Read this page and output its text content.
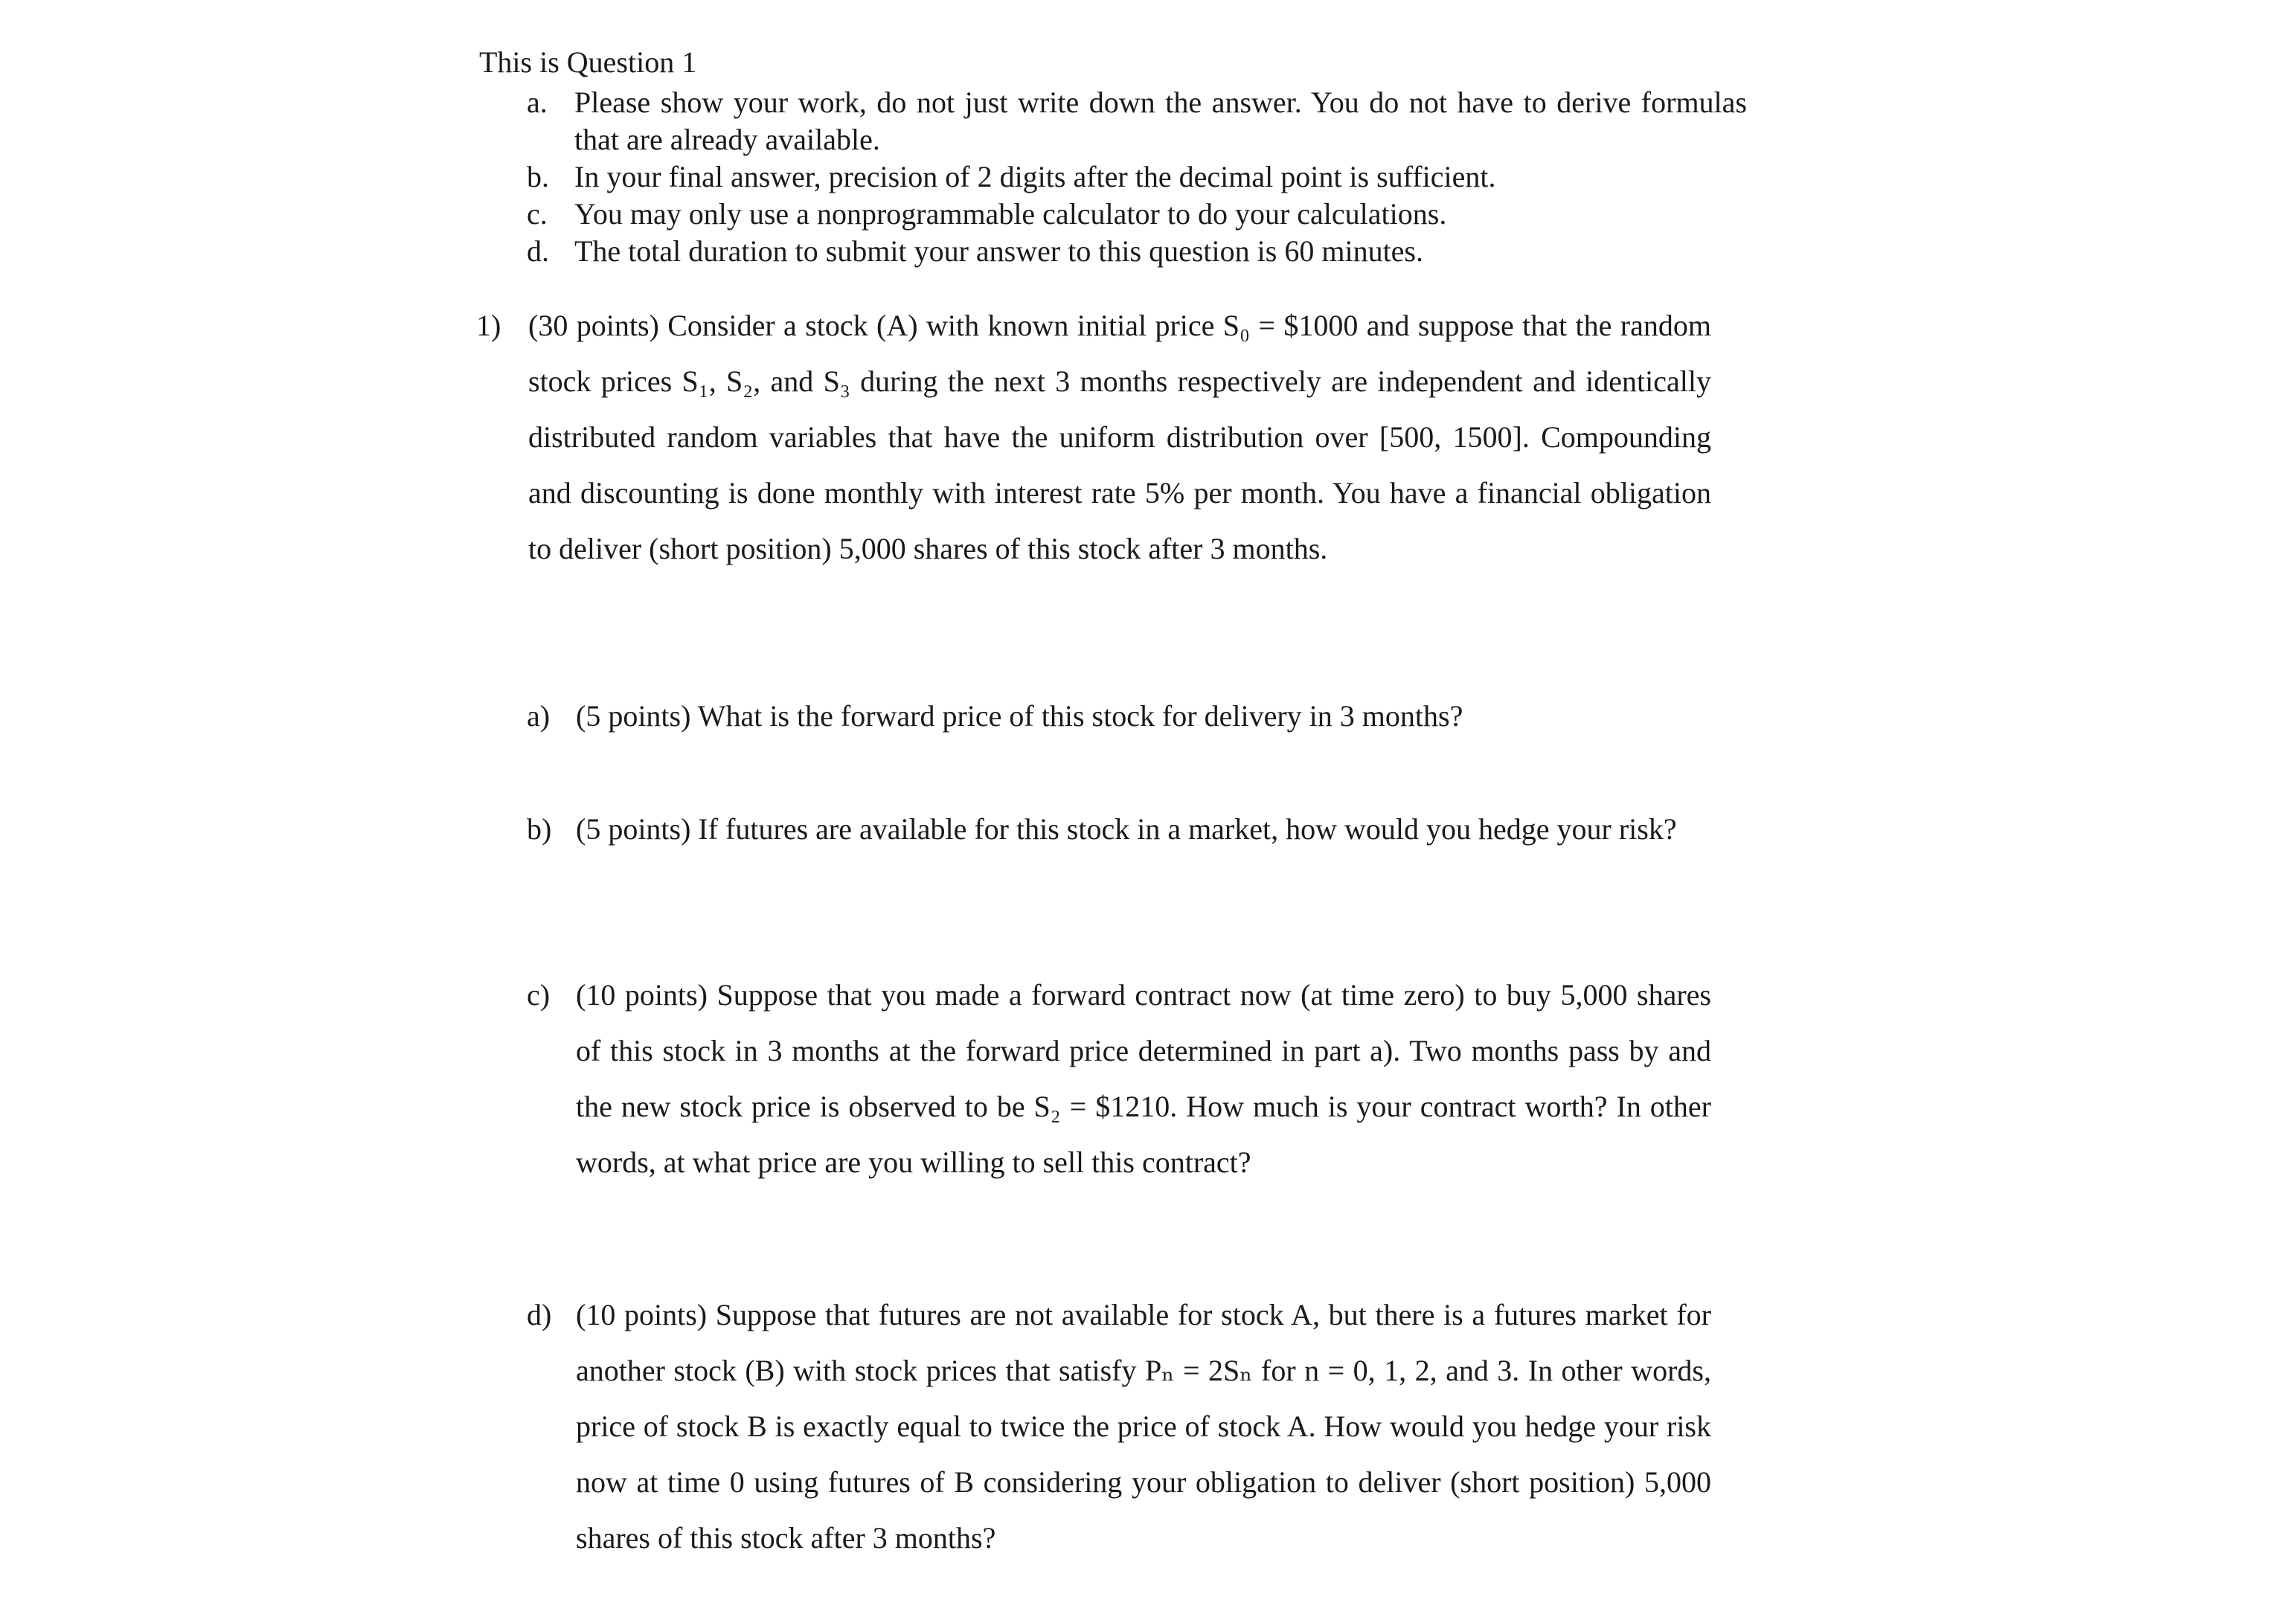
This is Question 1
a. Please show your work, do not just write down the answer. You do not have to derive formulas that are already available.
b. In your final answer, precision of 2 digits after the decimal point is sufficient.
c. You may only use a nonprogrammable calculator to do your calculations.
d. The total duration to submit your answer to this question is 60 minutes.
1) (30 points) Consider a stock (A) with known initial price S₀ = $1000 and suppose that the random stock prices S₁, S₂, and S₃ during the next 3 months respectively are independent and identically distributed random variables that have the uniform distribution over [500, 1500]. Compounding and discounting is done monthly with interest rate 5% per month. You have a financial obligation to deliver (short position) 5,000 shares of this stock after 3 months.
a) (5 points) What is the forward price of this stock for delivery in 3 months?
b) (5 points) If futures are available for this stock in a market, how would you hedge your risk?
c) (10 points) Suppose that you made a forward contract now (at time zero) to buy 5,000 shares of this stock in 3 months at the forward price determined in part a). Two months pass by and the new stock price is observed to be S₂ = $1210. How much is your contract worth? In other words, at what price are you willing to sell this contract?
d) (10 points) Suppose that futures are not available for stock A, but there is a futures market for another stock (B) with stock prices that satisfy Pₙ = 2Sₙ for n = 0, 1, 2, and 3. In other words, price of stock B is exactly equal to twice the price of stock A. How would you hedge your risk now at time 0 using futures of B considering your obligation to deliver (short position) 5,000 shares of this stock after 3 months?
